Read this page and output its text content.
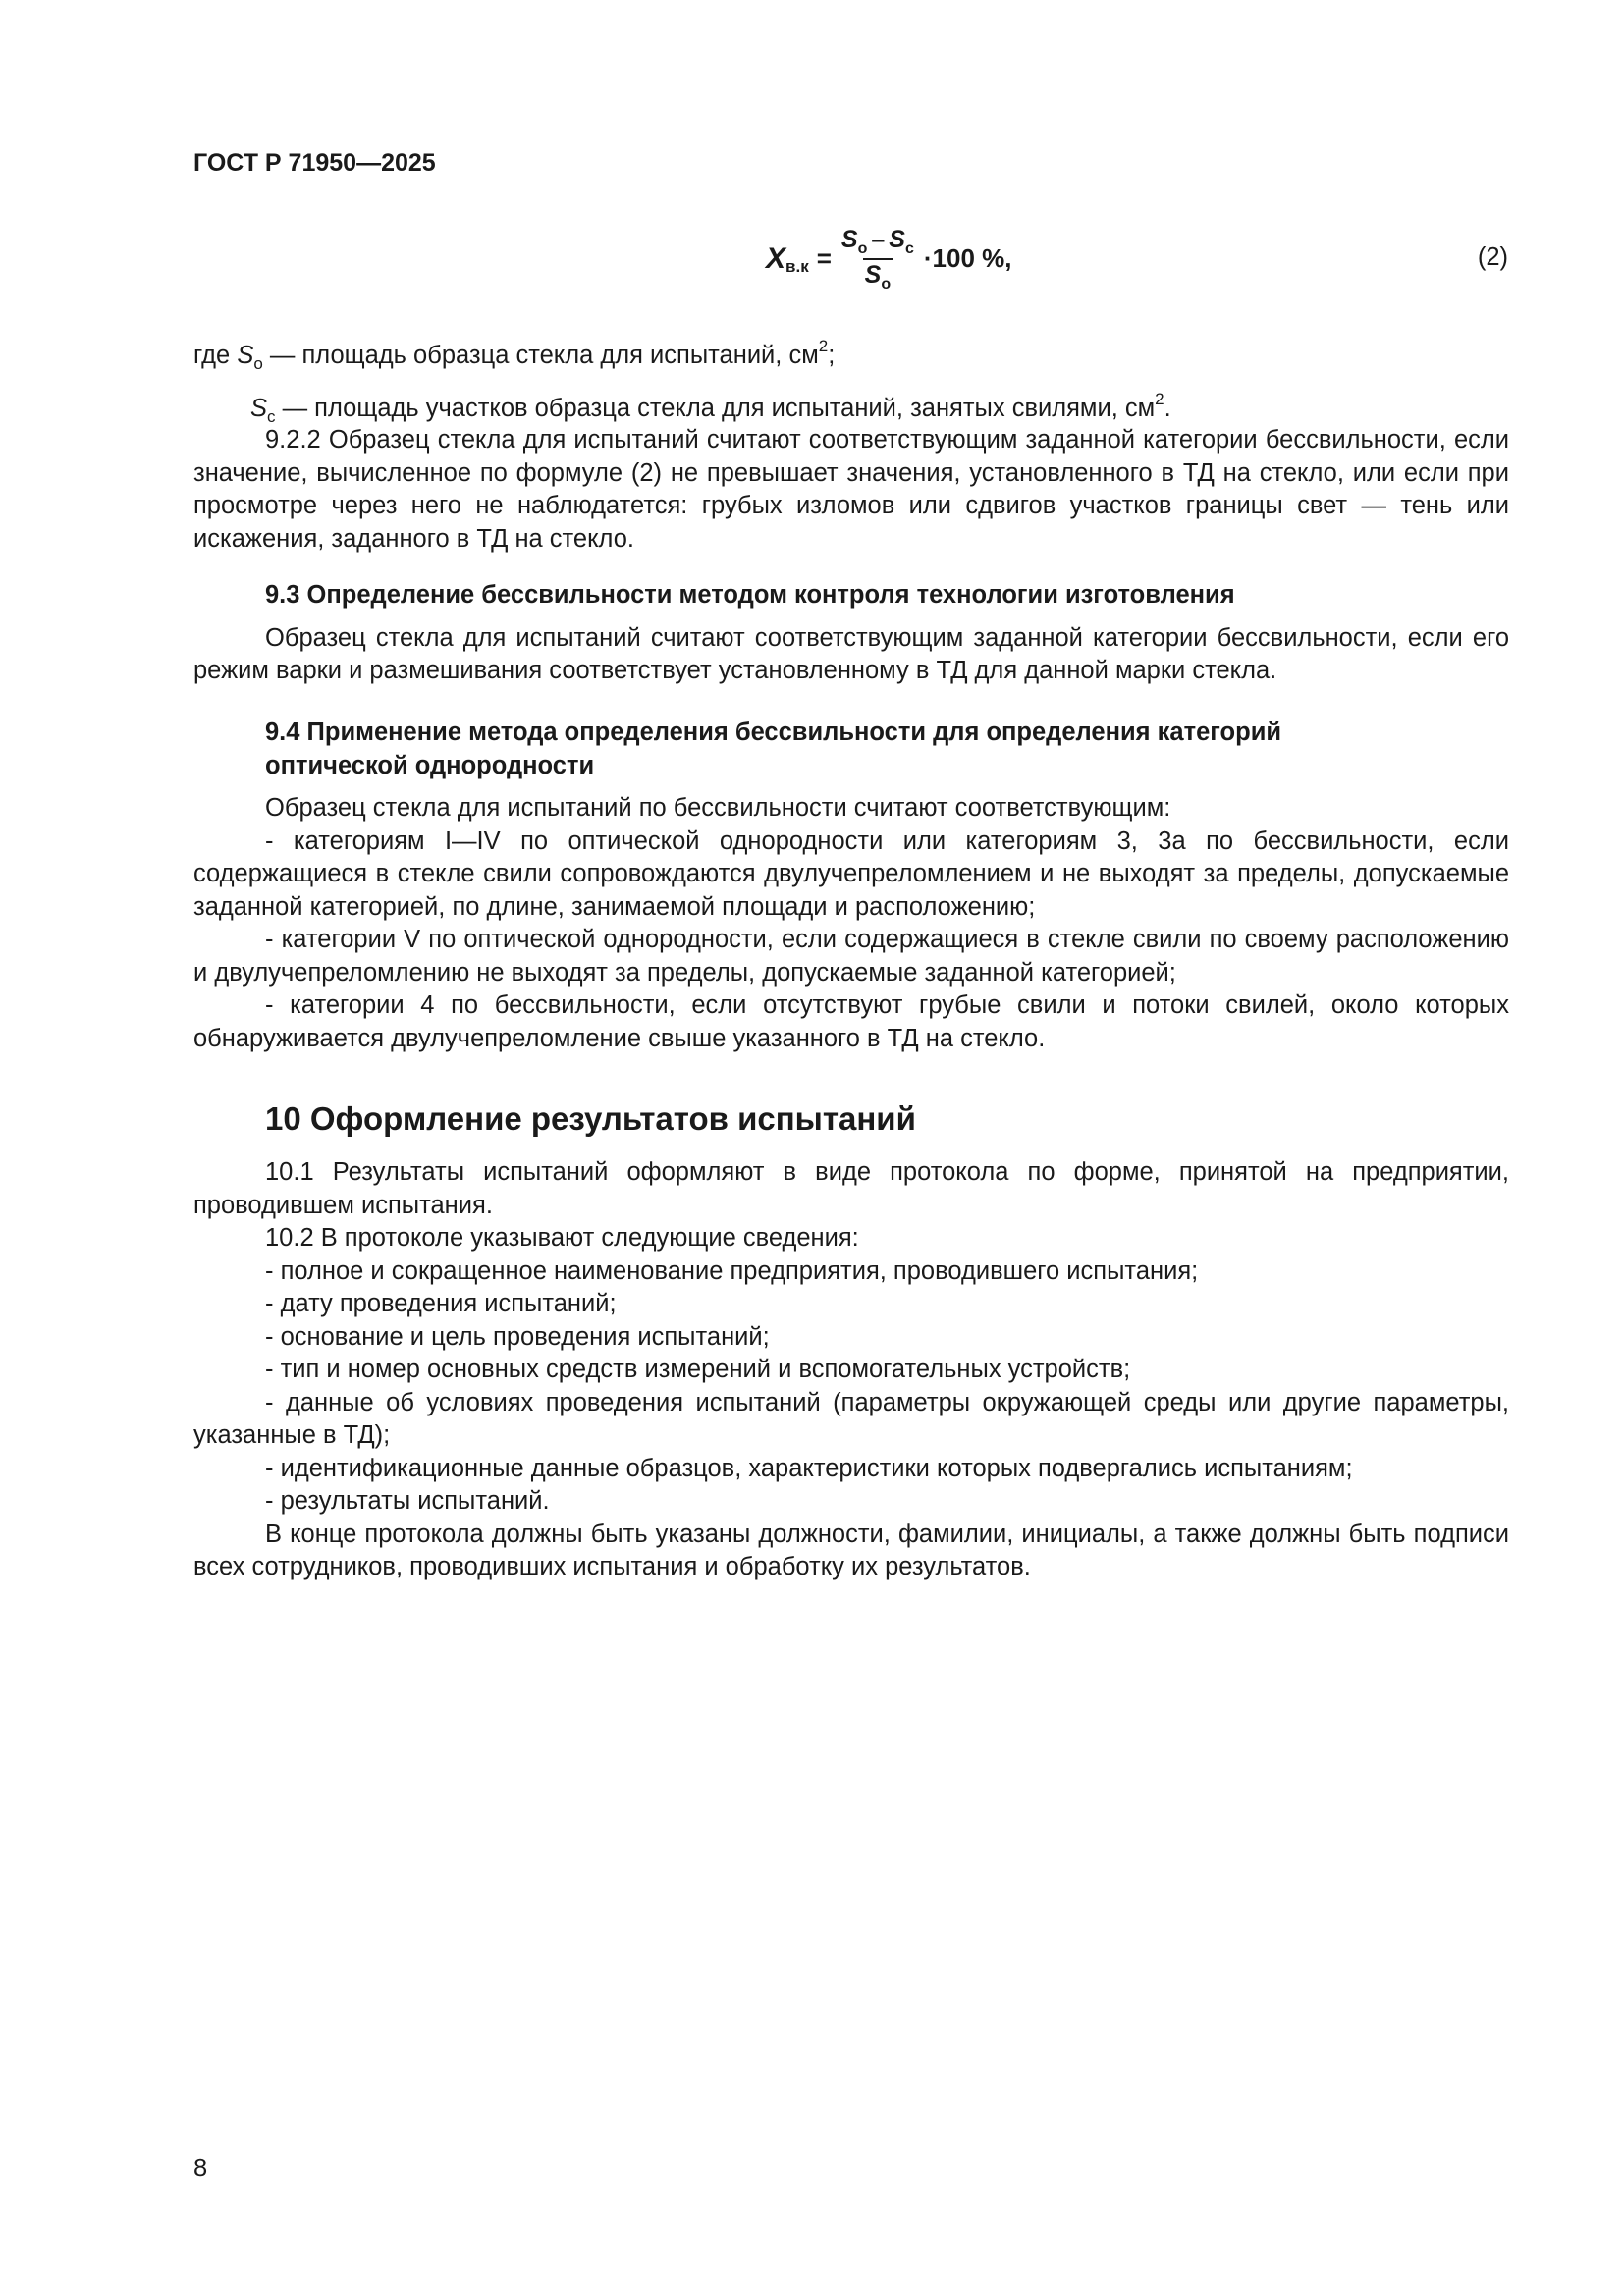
ГОСТ Р 71950—2025
X $в.к = \frac{S_o - S_c}{S_o} \cdot 100$ %,	(2)

где $S_o$ — площадь образца стекла для испытаний, $см^2$;

$S_c$ — площадь участков образца стекла для испытаний, занятых свилями, $см^2$.

9.2.2 Образец стекла для испытаний считают соответствующим заданной категории бессвильности, если значение, вычисленное по формуле (2) не превышает значения, установленного в ТД на стекло, или если при просмотре через него не наблюдатется: грубых изломов или сдвигов участков границы свет — тень или искажения, заданного в ТД на стекло.

9.3 Определение бессвильности методом контроля технологии изготовления

Образец стекла для испытаний считают соответствующим заданной категории бессвильности, если его режим варки и размешивания соответствует установленному в ТД для данной марки стекла.

9.4 Применение метода определения бессвильности для определения категорий

оптической однородности

Образец стекла для испытаний по бессвильности считают соответствующим:

- категориям I—IV по оптической однородности или категориям 3, 3а по бессвильности, если содержащиеся в стекле свили сопровождаются двулучепреломлением и не выходят за пределы, допускаемые заданной категорией, по длине, занимаемой площади и расположению;

- категории V по оптической однородности, если содержащиеся в стекле свили по своему расположению и двулучепреломлению не выходят за пределы, допускаемые заданной категорией;

- категории 4 по бессвильности, если отсутствуют грубые свили и потоки свилей, около которых обнаруживается двулучепреломление свыше указанного в ТД на стекло.

10 Оформление результатов испытаний

10.1 Результаты испытаний оформляют в виде протокола по форме, принятой на предприятии, проводившем испытания.

10.2 В протоколе указывают следующие сведения:

- полное и сокращенное наименование предприятия, проводившего испытания;

- дату проведения испытаний;

- основание и цель проведения испытаний;

- тип и номер основных средств измерений и вспомогательных устройств;

- данные об условиях проведения испытаний (параметры окружающей среды или другие параметры, указанные в ТД);

- идентификационные данные образцов, характеристики которых подвергались испытаниям;

- результаты испытаний.

В конце протокола должны быть указаны должности, фамилии, инициалы, а также должны быть подписи всех сотрудников, проводивших испытания и обработку их результатов.

8
